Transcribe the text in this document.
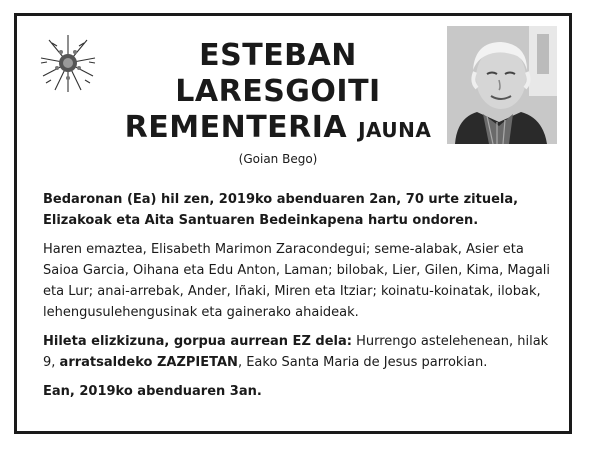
ESTEBAN
LARESGOITI
REMENTERIA JAUNA
(Goian Bego)

Bedaronan (Ea) hil zen, 2019ko abenduaren 2an, 70 urte zituela, Elizakoak eta Aita Santuaren Bedeinkapena hartu ondoren.

Haren emaztea, Elisabeth Marimon Zaracondegui; seme-alabak, Asier eta Saioa Garcia, Oihana eta Edu Anton, Laman; bilobak, Lier, Gilen, Kima, Magali eta Lur; anai-arrebak, Ander, Iñaki, Miren eta Itziar; koinatu-koinatak, ilobak, lehengusulehengusinak eta gainerako ahaideak.

Hileta elizkizuna, gorpua aurrean EZ dela: Hurrengo astelehenean, hilak 9, arratsaldeko ZAZPIETAN, Eako Santa Maria de Jesus parrokian.

Ean, 2019ko abenduaren 3an.
